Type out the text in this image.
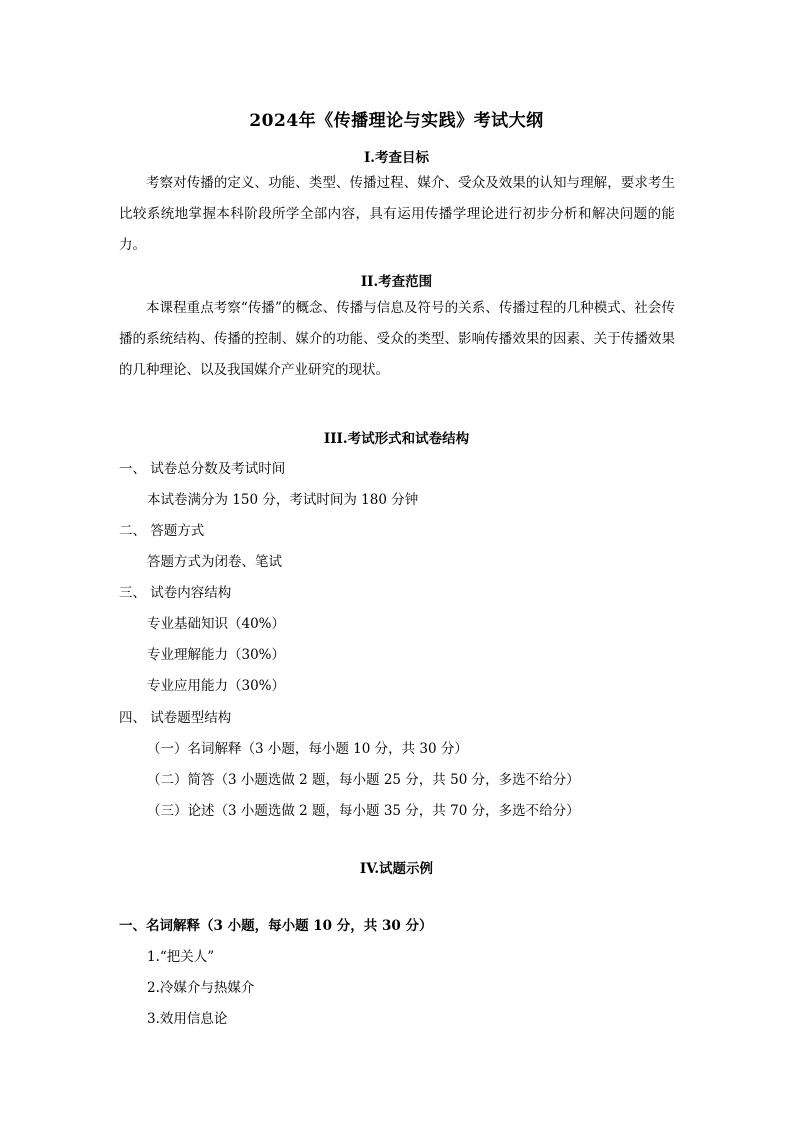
2024年《传播理论与实践》考试大纲
I.考查目标
考察对传播的定义、功能、类型、传播过程、媒介、受众及效果的认知与理解，要求考生比较系统地掌握本科阶段所学全部内容，具有运用传播学理论进行初步分析和解决问题的能力。
II.考查范围
本课程重点考察“传播”的概念、传播与信息及符号的关系、传播过程的几种模式、社会传播的系统结构、传播的控制、媒介的功能、受众的类型、影响传播效果的因素、关于传播效果的几种理论、以及我国媒介产业研究的现状。
III.考试形式和试卷结构
一、 试卷总分数及考试时间
本试卷满分为 150 分，考试时间为 180 分钟
二、 答题方式
答题方式为闭卷、笔试
三、 试卷内容结构
专业基础知识（40%）
专业理解能力（30%）
专业应用能力（30%）
四、 试卷题型结构
（一）名词解释（3 小题，每小题 10 分，共 30 分）
（二）简答（3 小题选做 2 题，每小题 25 分，共 50 分，多选不给分）
（三）论述（3 小题选做 2 题，每小题 35 分，共 70 分，多选不给分）
IV.试题示例
一、名词解释（3 小题，每小题 10 分，共 30 分）
1.“把关人”
2.冷媒介与热媒介
3.效用信息论
